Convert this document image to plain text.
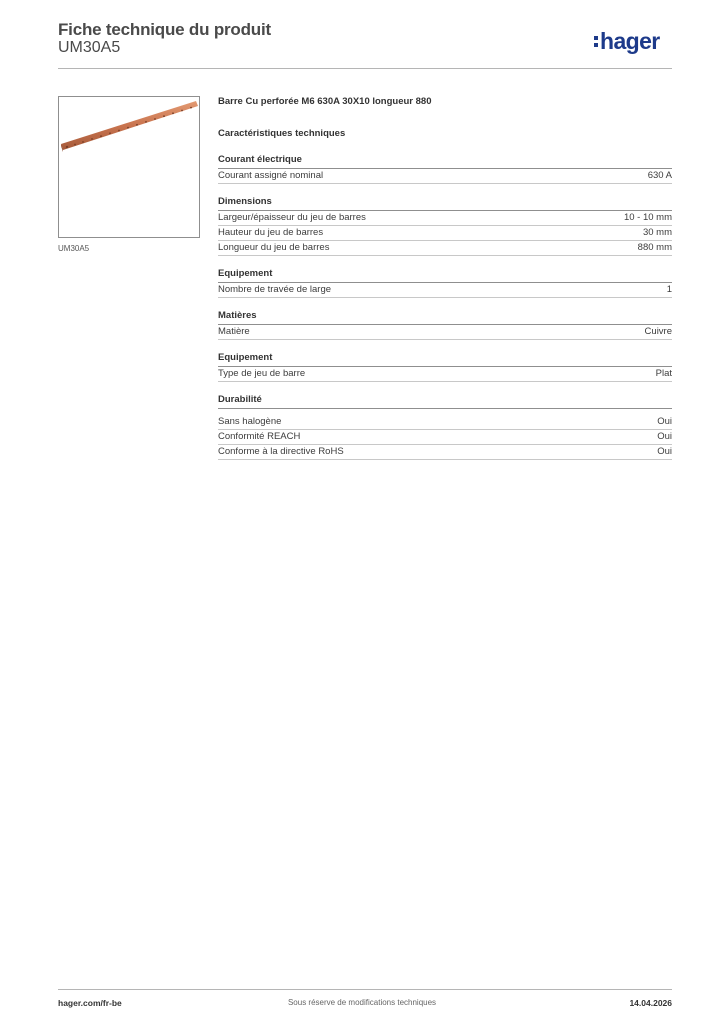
Fiche technique du produit
UM30A5	hager
UM30A5
Barre Cu perforée M6 630A 30X10 longueur 880
Caractéristiques techniques
Courant électrique
Courant assigné nominal	630 A
Dimensions
Largeur/épaisseur du jeu de barres	10 - 10 mm
Hauteur du jeu de barres	30 mm
Longueur du jeu de barres	880 mm
Equipement
Nombre de travée de large	1
Matières
Matière	Cuivre
Equipement
Type de jeu de barre	Plat
Durabilité
Sans halogène	Oui
Conformité REACH	Oui
Conforme à la directive RoHS	Oui
hager.com/fr-be	Sous réserve de modifications techniques	14.04.2026
